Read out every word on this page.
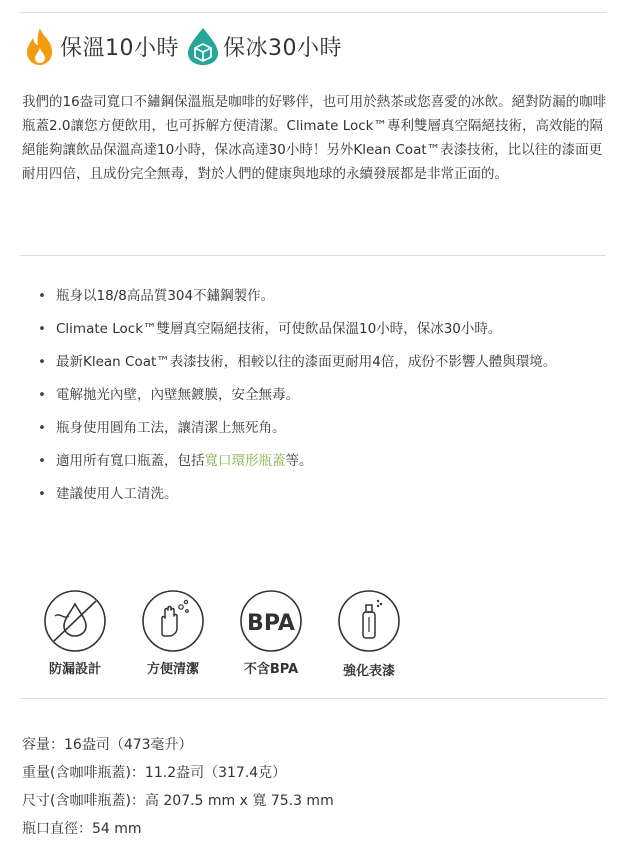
保溫10小時 保冰30小時
我們的16盎司寬口不鏽鋼保溫瓶是咖啡的好夥伴，也可用於熱茶或您喜愛的冰飲。絕對防漏的咖啡瓶蓋2.0讓您方便飲用，也可拆解方便清潔。Climate Lock™專利雙層真空隔絕技術，高效能的隔絕能夠讓飲品保溫高達10小時，保冰高達30小時！另外Klean Coat™表漆技術，比以往的漆面更耐用四倍，且成份完全無毒，對於人們的健康與地球的永續發展都是非常正面的。
• 瓶身以18/8高品質304不鏽鋼製作。
• Climate Lock™雙層真空隔絕技術，可使飲品保溫10小時，保冰30小時。
• 最新Klean Coat™表漆技術，相較以往的漆面更耐用4倍，成份不影響人體與環境。
• 電解拋光內壁，內壁無鍍膜，安全無毒。
• 瓶身使用圓角工法，讓清潔上無死角。
• 適用所有寬口瓶蓋，包括寬口環形瓶蓋等。
• 建議使用人工清洗。
防漏設計	方便清潔
BPA
不含BPA	強化表漆
容量：16盎司（473毫升）
重量(含咖啡瓶蓋)：11.2盎司（317.4克）
尺寸(含咖啡瓶蓋)：高 207.5 mm x 寬 75.3 mm
瓶口直徑：54 mm
